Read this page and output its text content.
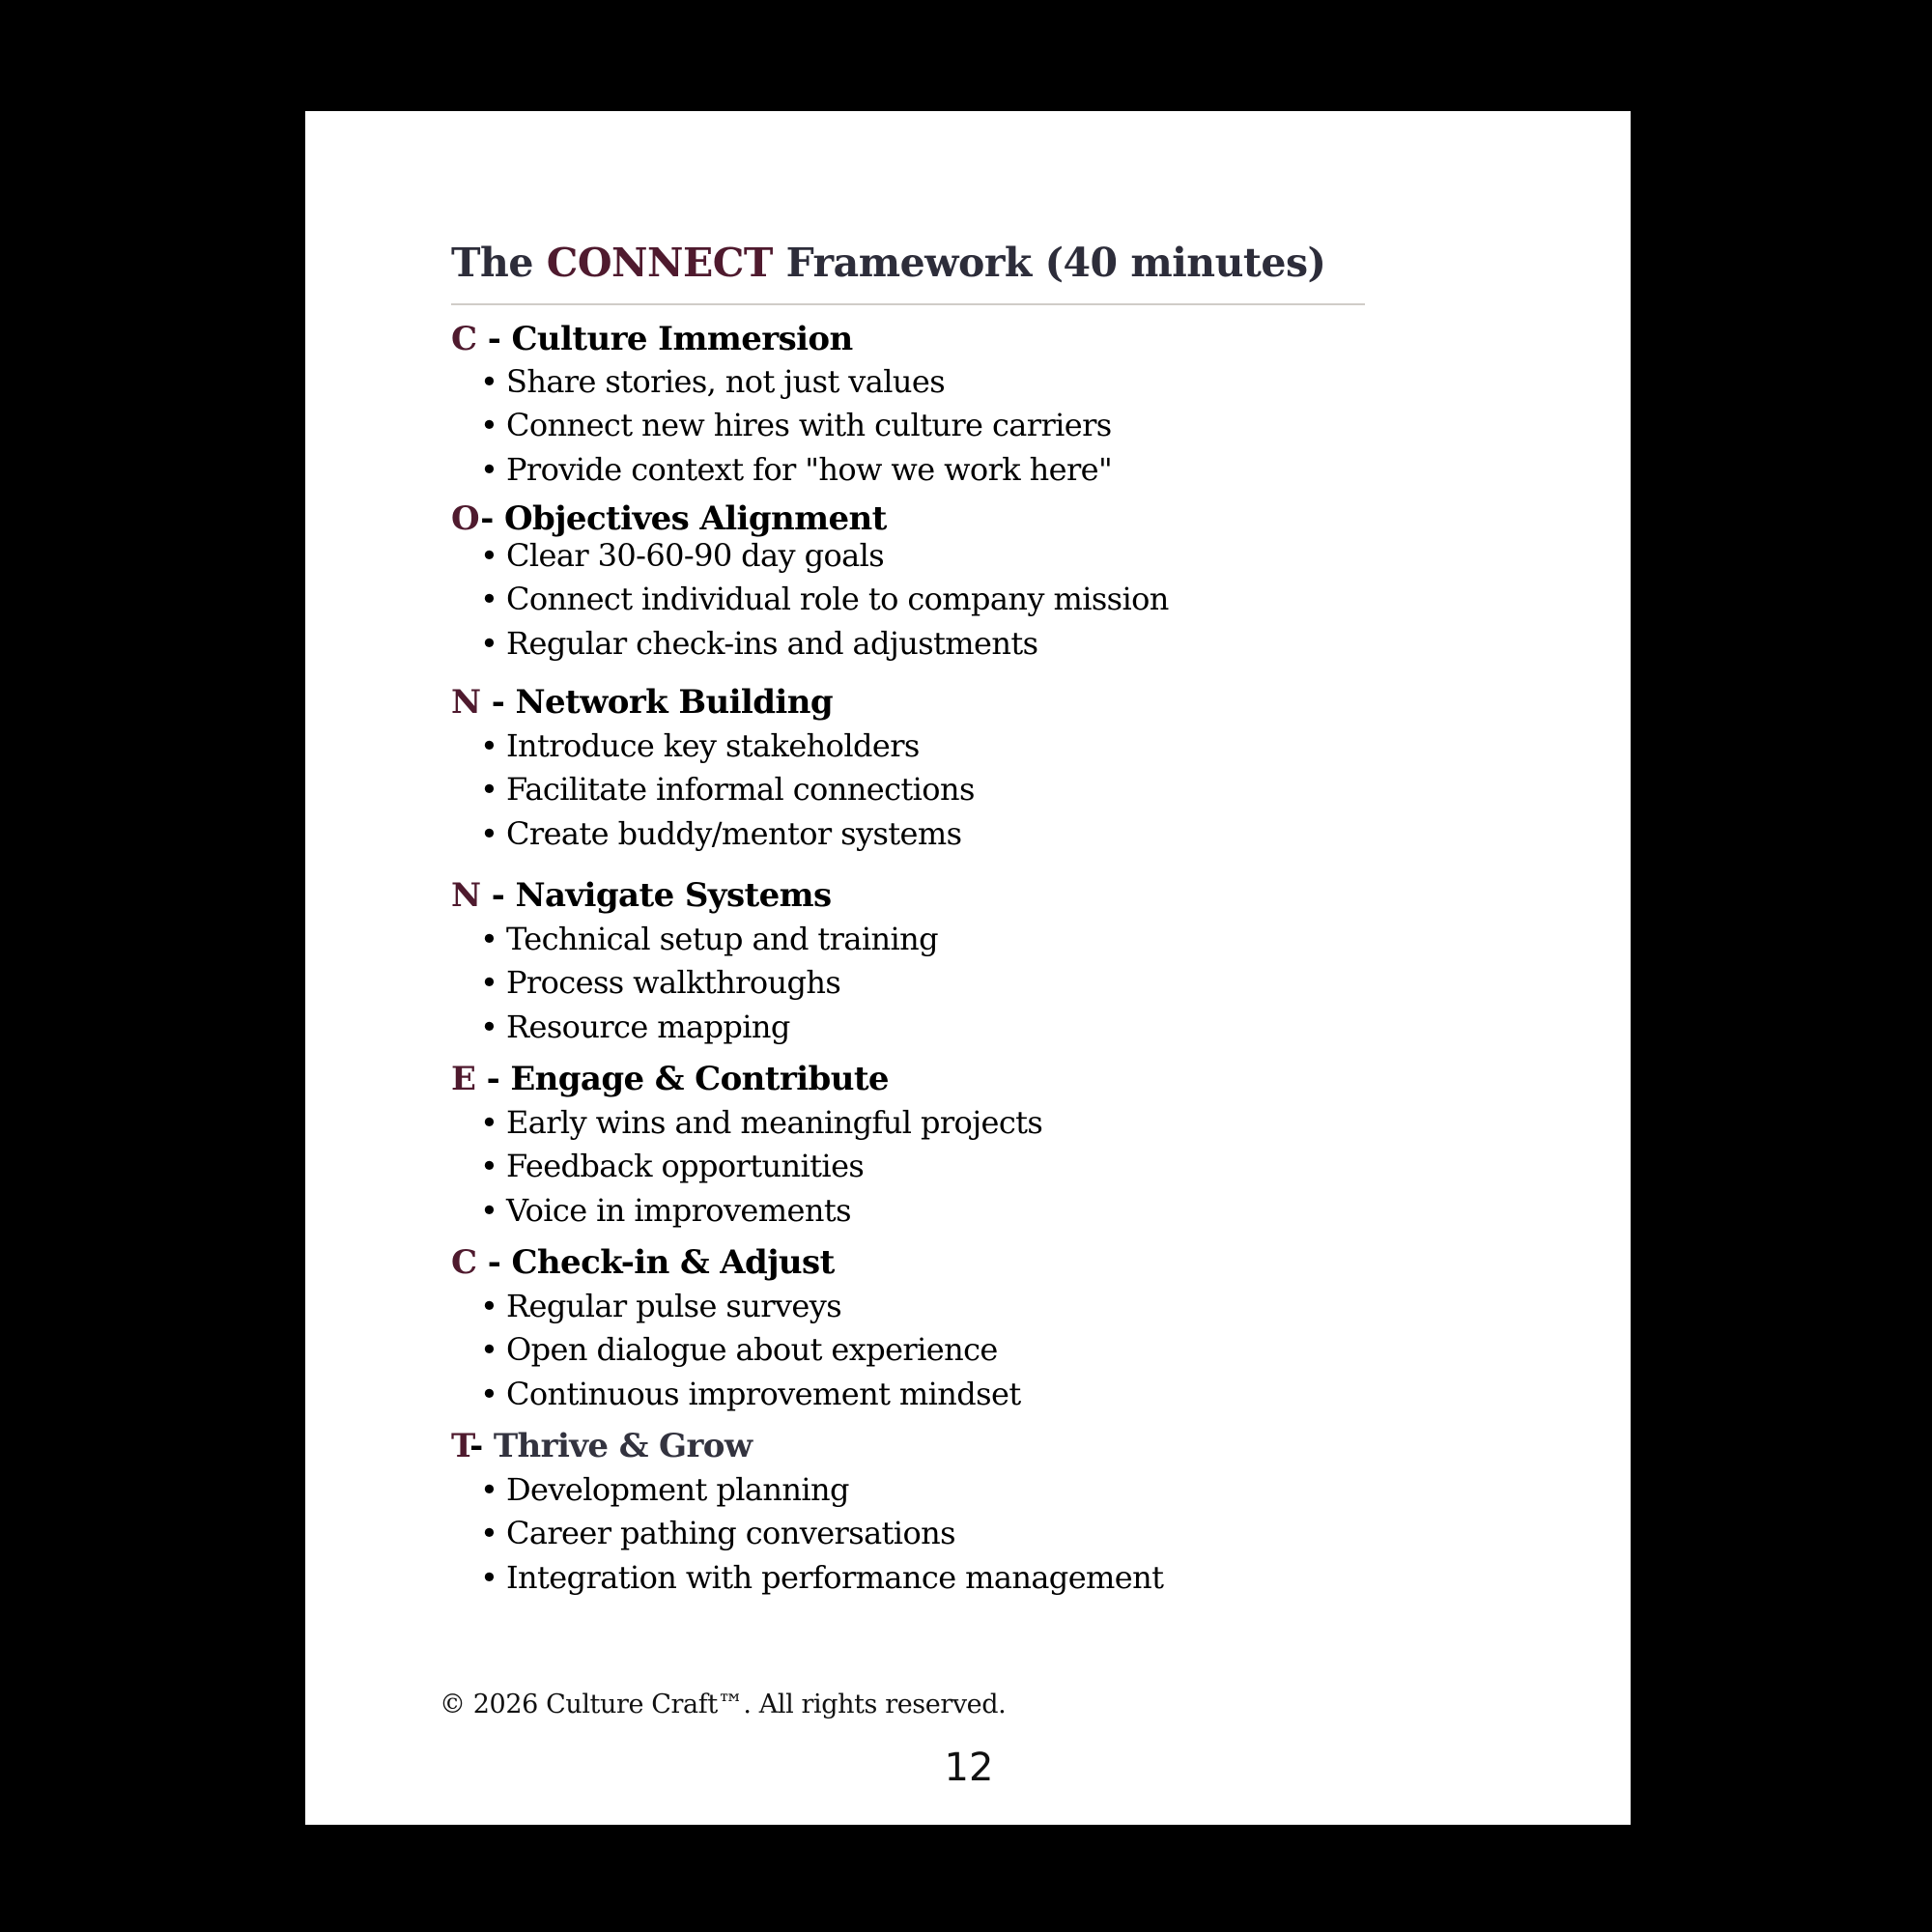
The CONNECT Framework (40 minutes)
C - Culture Immersion
• Share stories, not just values
• Connect new hires with culture carriers
• Provide context for "how we work here"
O- Objectives Alignment
• Clear 30-60-90 day goals
• Connect individual role to company mission
• Regular check-ins and adjustments
N - Network Building
• Introduce key stakeholders
• Facilitate informal connections
• Create buddy/mentor systems
N - Navigate Systems
• Technical setup and training
• Process walkthroughs
• Resource mapping
E - Engage & Contribute
• Early wins and meaningful projects
• Feedback opportunities
• Voice in improvements
C - Check-in & Adjust
• Regular pulse surveys
• Open dialogue about experience
• Continuous improvement mindset
T- Thrive & Grow
• Development planning
• Career pathing conversations
• Integration with performance management
© 2026 Culture Craft™. All rights reserved.
12
